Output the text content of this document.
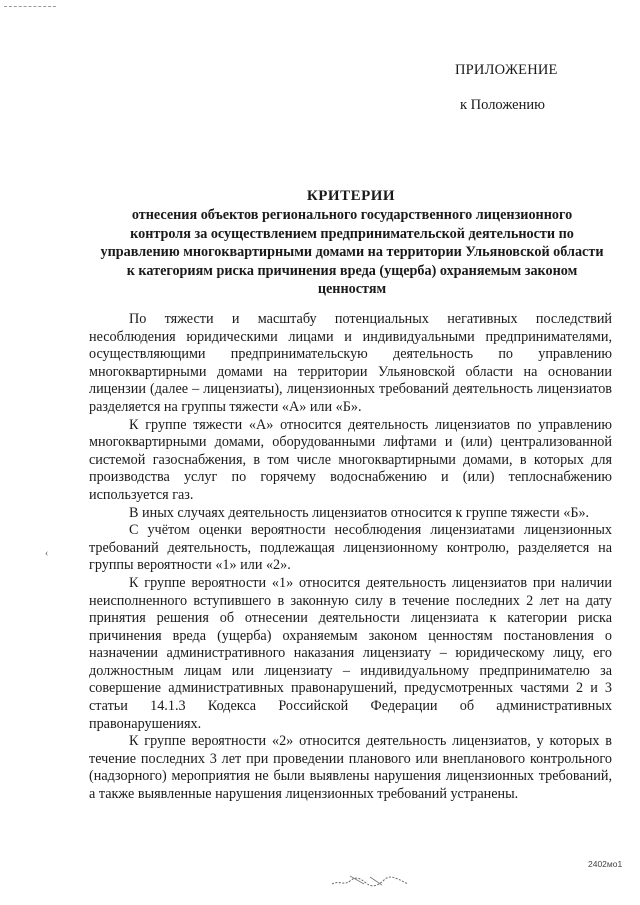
ПРИЛОЖЕНИЕ
к Положению
КРИТЕРИИ
отнесения объектов регионального государственного лицензионного контроля за осуществлением предпринимательской деятельности по управлению многоквартирными домами на территории Ульяновской области к категориям риска причинения вреда (ущерба) охраняемым законом ценностям

По тяжести и масштабу потенциальных негативных последствий несоблюдения юридическими лицами и индивидуальными предпринимателями, осуществляющими предпринимательскую деятельность по управлению многоквартирными домами на территории Ульяновской области на основании лицензии (далее – лицензиаты), лицензионных требований деятельность лицензиатов разделяется на группы тяжести «А» или «Б».

К группе тяжести «А» относится деятельность лицензиатов по управлению многоквартирными домами, оборудованными лифтами и (или) централизованной системой газоснабжения, в том числе многоквартирными домами, в которых для производства услуг по горячему водоснабжению и (или) теплоснабжению используется газ.

В иных случаях деятельность лицензиатов относится к группе тяжести «Б».

С учётом оценки вероятности несоблюдения лицензиатами лицензионных требований деятельность, подлежащая лицензионному контролю, разделяется на группы вероятности «1» или «2».

К группе вероятности «1» относится деятельность лицензиатов при наличии неисполненного вступившего в законную силу в течение последних 2 лет на дату принятия решения об отнесении деятельности лицензиата к категории риска причинения вреда (ущерба) охраняемым законом ценностям постановления о назначении административного наказания лицензиату – юридическому лицу, его должностным лицам или лицензиату – индивидуальному предпринимателю за совершение административных правонарушений, предусмотренных частями 2 и 3 статьи 14.1.3 Кодекса Российской Федерации об административных правонарушениях.

К группе вероятности «2» относится деятельность лицензиатов, у которых в течение последних 3 лет при проведении планового или внепланового контрольного (надзорного) мероприятия не были выявлены нарушения лицензионных требований, а также выявленные нарушения лицензионных требований устранены.

‹
2402мо1
